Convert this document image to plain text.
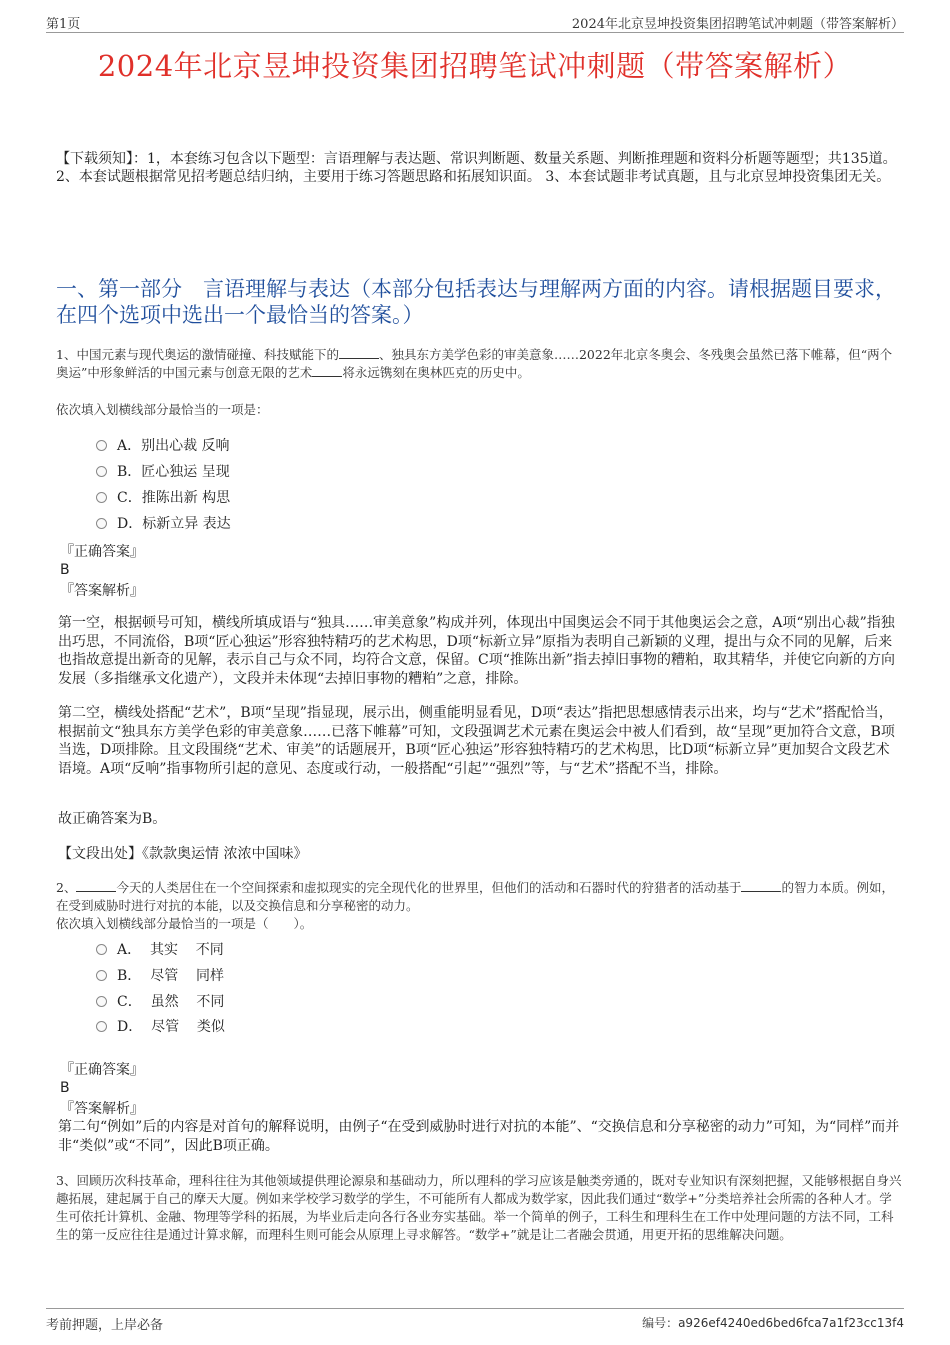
第1页	2024年北京昱坤投资集团招聘笔试冲刺题（带答案解析）
2024年北京昱坤投资集团招聘笔试冲刺题（带答案解析）
【下载须知】：1，本套练习包含以下题型：言语理解与表达题、常识判断题、数量关系题、判断推理题和资料分析题等题型；共135道。 2、本套试题根据常见招考题总结归纳，主要用于练习答题思路和拓展知识面。 3、本套试题非考试真题，且与北京昱坤投资集团无关。
一、第一部分　言语理解与表达（本部分包括表达与理解两方面的内容。请根据题目要求，在四个选项中选出一个最恰当的答案。）
1、中国元素与现代奥运的激情碰撞、科技赋能下的	、独具东方美学色彩的审美意象……2022年北京冬奥会、冬残奥会虽然已落下帷幕，但“两个奥运”中形象鲜活的中国元素与创意无限的艺术 将永远镌刻在奥林匹克的历史中。
依次填入划横线部分最恰当的一项是：
A．别出心裁 反响
B．匠心独运 呈现
C．推陈出新 构思
D．标新立异 表达
『正确答案』
B
『答案解析』
第一空，根据顿号可知，横线所填成语与“独具……审美意象”构成并列，体现出中国奥运会不同于其他奥运会之意，A项“别出心裁”指独出巧思，不同流俗，B项“匠心独运”形容独特精巧的艺术构思，D项“标新立异”原指为表明自己新颖的义理，提出与众不同的见解，后来也指故意提出新奇的见解，表示自己与众不同，均符合文意，保留。C项“推陈出新”指去掉旧事物的糟粕，取其精华，并使它向新的方向发展（多指继承文化遗产），文段并未体现“去掉旧事物的糟粕”之意，排除。
第二空，横线处搭配“艺术”，B项“呈现”指显现，展示出，侧重能明显看见，D项“表达”指把思想感情表示出来，均与“艺术”搭配恰当，根据前文“独具东方美学色彩的审美意象……已落下帷幕”可知，文段强调艺术元素在奥运会中被人们看到，故“呈现”更加符合文意，B项当选，D项排除。且文段围绕“艺术、审美”的话题展开，B项“匠心独运”形容独特精巧的艺术构思，比D项“标新立异”更加契合文段艺术语境。A项“反响”指事物所引起的意见、态度或行动，一般搭配“引起”“强烈”等，与“艺术”搭配不当，排除。
故正确答案为B。
【文段出处】《款款奥运情 浓浓中国味》
2、	今天的人类居住在一个空间探索和虚拟现实的完全现代化的世界里，但他们的活动和石器时代的狩猎者的活动基于	的智力本质。例如，在受到威胁时进行对抗的本能，以及交换信息和分享秘密的动力。
依次填入划横线部分最恰当的一项是（　　）。
A．  其实    不同
B．  尽管    同样
C．  虽然    不同
D．  尽管    类似
『正确答案』
B
『答案解析』
第二句“例如”后的内容是对首句的解释说明，由例子“在受到威胁时进行对抗的本能”、“交换信息和分享秘密的动力”可知，为“同样”而并非“类似”或“不同”，因此B项正确。
3、回顾历次科技革命，理科往往为其他领域提供理论源泉和基础动力，所以理科的学习应该是触类旁通的，既对专业知识有深刻把握，又能够根据自身兴趣拓展，建起属于自己的摩天大厦。例如来学校学习数学的学生，不可能所有人都成为数学家，因此我们通过“数学+”分类培养社会所需的各种人才。学生可依托计算机、金融、物理等学科的拓展，为毕业后走向各行各业夯实基础。举一个简单的例子，工科生和理科生在工作中处理问题的方法不同，工科生的第一反应往往是通过计算求解，而理科生则可能会从原理上寻求解答。“数学+”就是让二者融会贯通，用更开拓的思维解决问题。
考前押题，上岸必备	编号：a926ef4240ed6bed6fca7a1f23cc13f4
